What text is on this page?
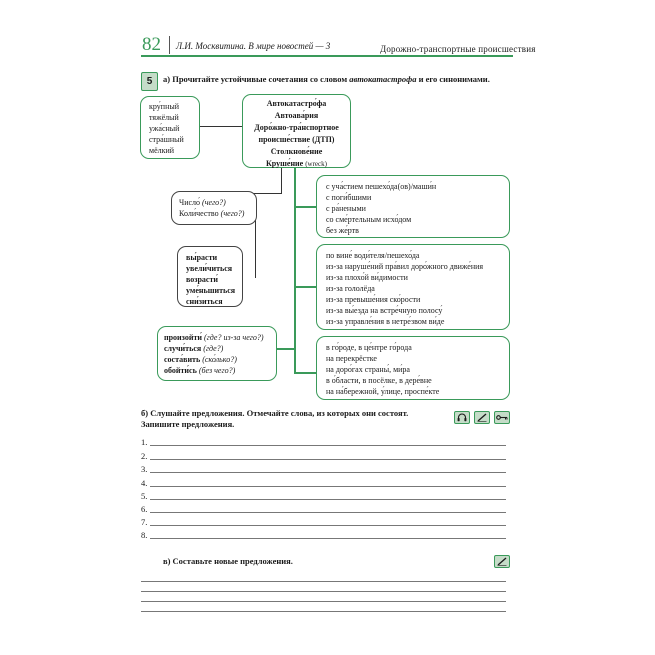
82 Л.И. Москвитина. В мире новостей — 3	Дорожно-транспортные происшествия
5	а) Прочитайте устойчивые сочетания со словом автокатастрофа и его синонимами.
кру́пный
тяжёлый
ужа́сный
стра́шный
мёлкий
Автокатастро́фа
Автоава́рия
Доро́жно-тра́нспортное
происше́ствие (ДТП)
Столкнове́ние
Круше́ние (wreck)
Число́ (чего?)
Коли́чество (чего?)
вы́расти
увели́читься
возрасти́
уме́ньшиться
сни́зиться
произойти́ (где? из-за чего?)
случи́ться (где?)
соста́вить (ско́лько?)
обойти́сь (без чего?)
с уча́стием пешехо́да(ов)/маши́н
с поги́бшими
с ра́неными
со сме́ртельным исхо́дом
без же́ртв
по вине́ води́теля/пешехо́да
из-за наруше́ний пра́вил доро́жного движе́ния
из-за плохо́й ви́димости
из-за гололёда
из-за превыше́ния ско́рости
из-за вы́езда на встре́чную полосу́
из-за управле́ния в нетре́звом ви́де
в го́роде, в це́нтре го́рода
на перекрёстке
на доро́гах страны́, ми́ра
в о́бласти, в посёлке, в дере́вне
на на́бережной, у́лице, проспе́кте
б) Слушайте предложения. Отмечайте слова, из которых они состоят.
Запишите предложения.
1.
2.
3.
4.
5.
6.
7.
8.
в) Составьте новые предложения.
